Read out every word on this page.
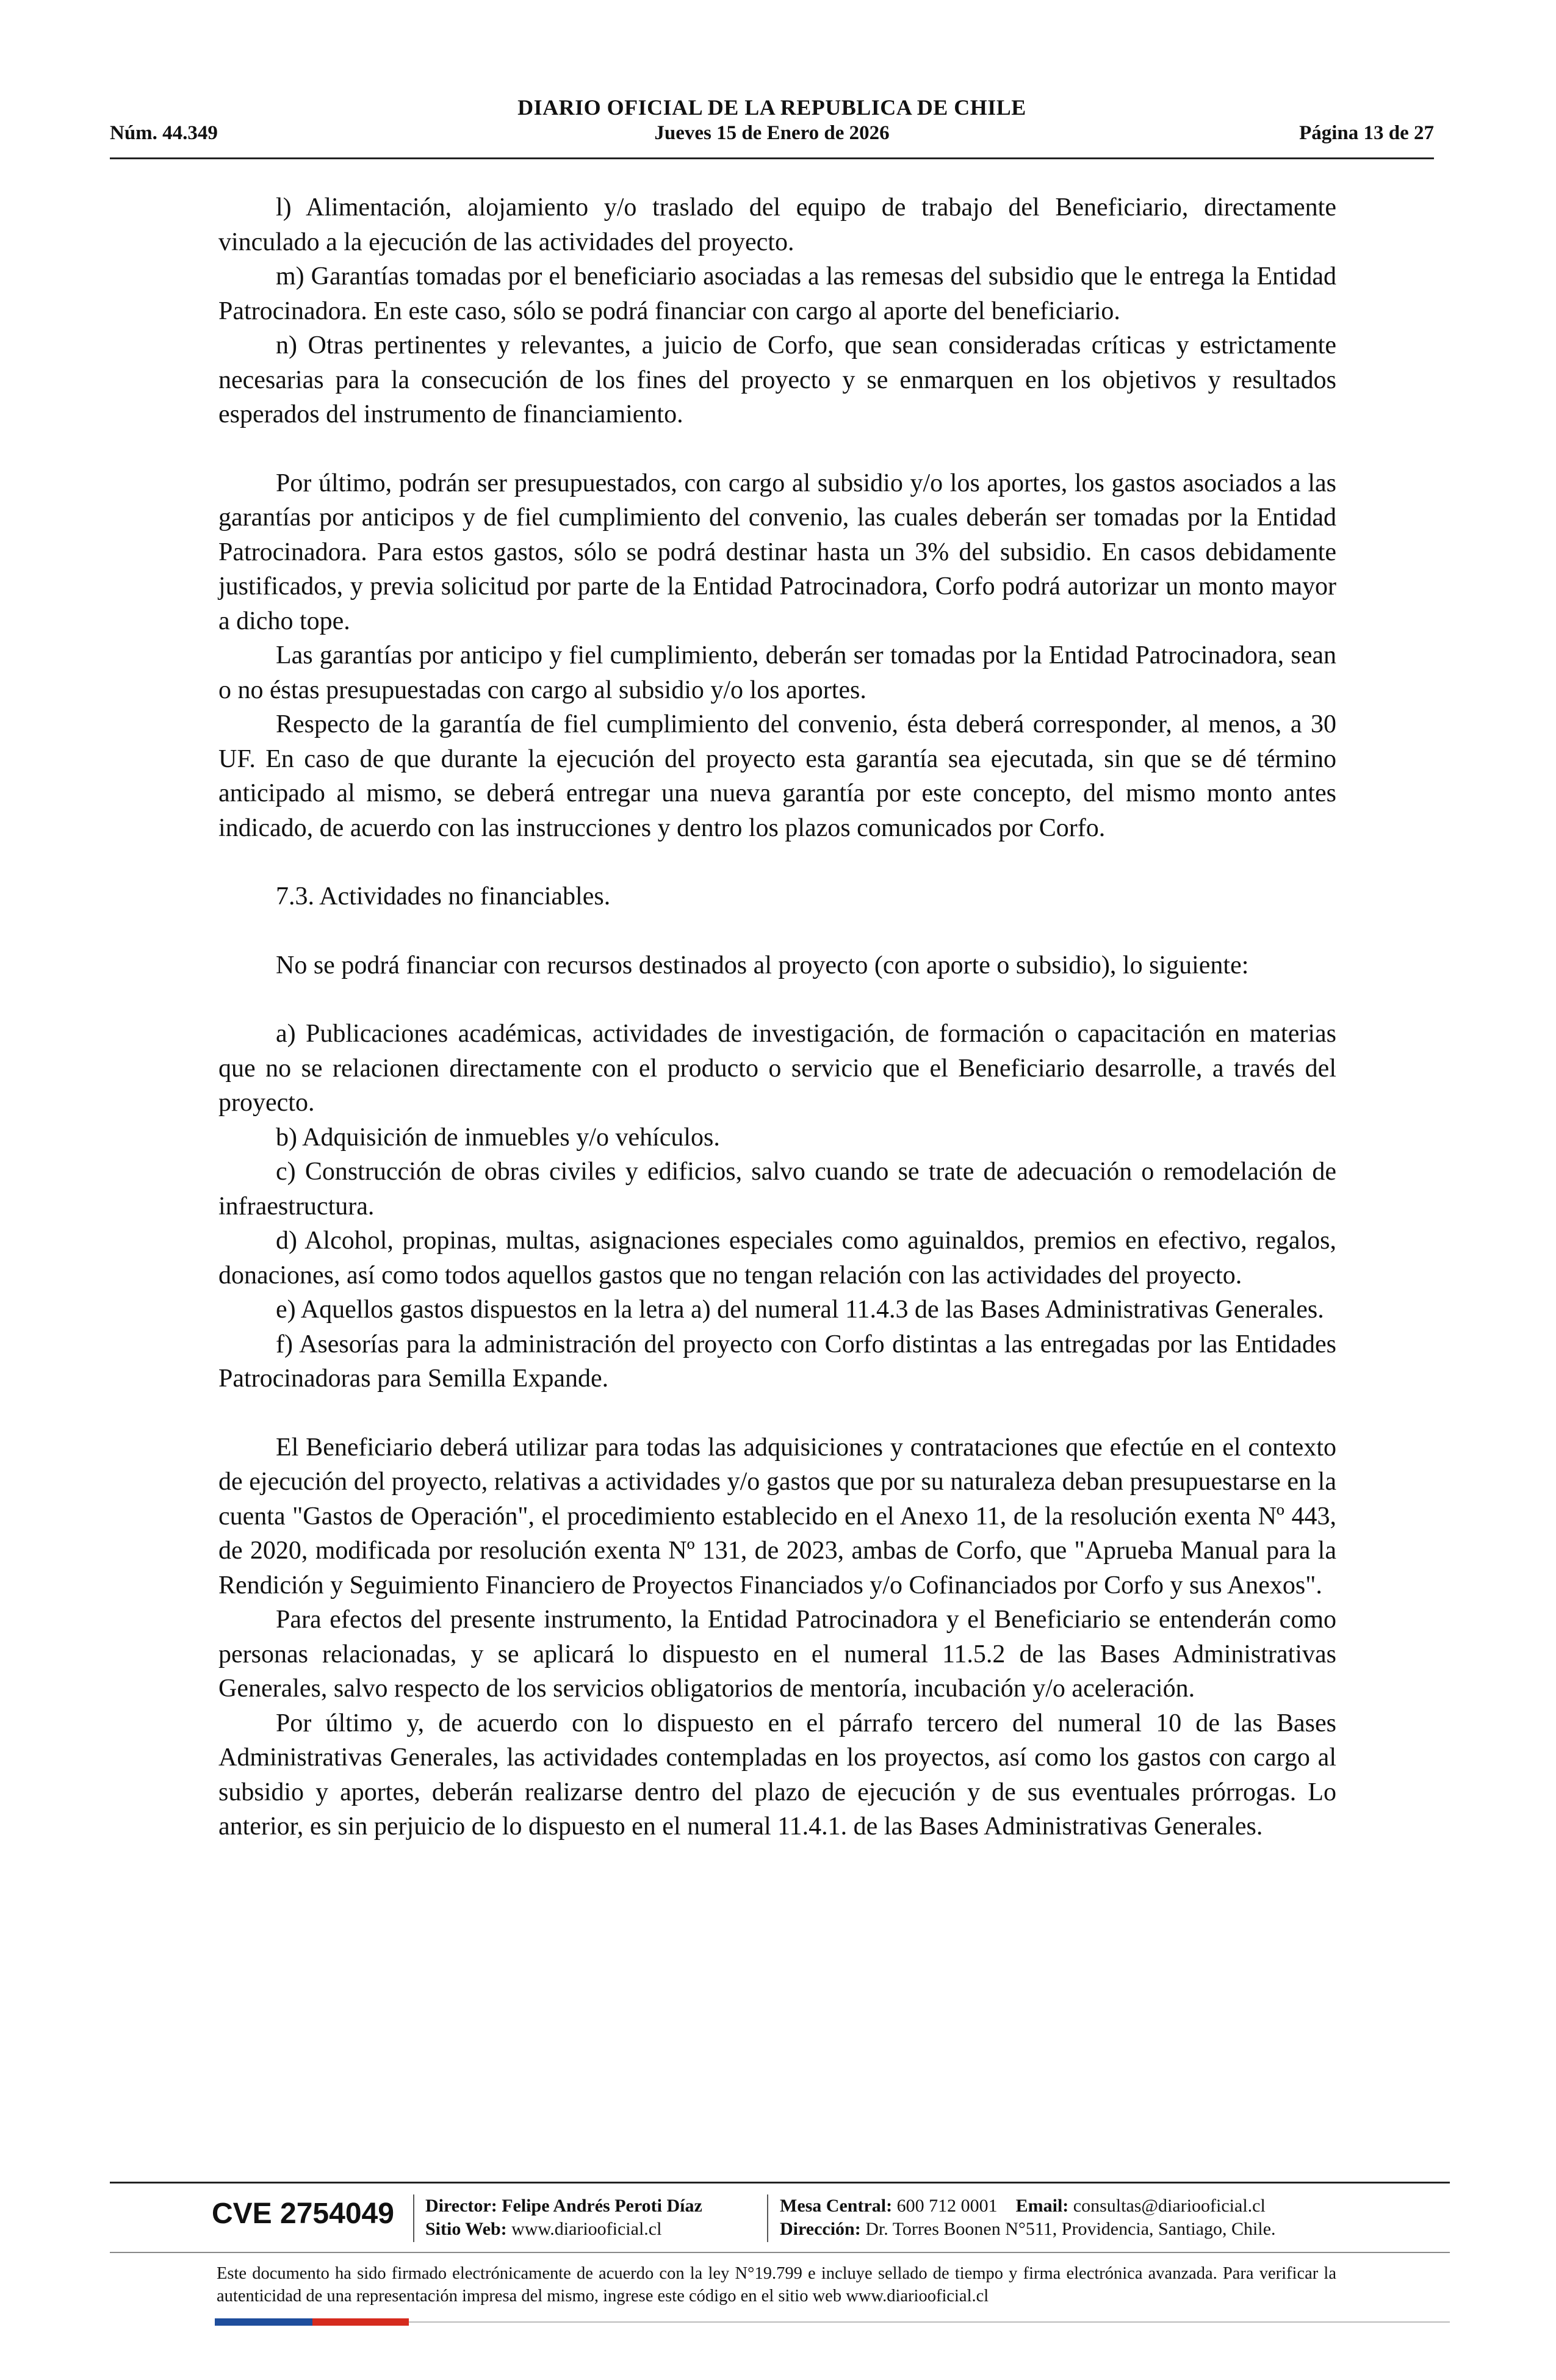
DIARIO OFICIAL DE LA REPUBLICA DE CHILE
Núm. 44.349	Jueves 15 de Enero de 2026	Página 13 de 27

l) Alimentación, alojamiento y/o traslado del equipo de trabajo del Beneficiario, directamente vinculado a la ejecución de las actividades del proyecto.

m) Garantías tomadas por el beneficiario asociadas a las remesas del subsidio que le entrega la Entidad Patrocinadora. En este caso, sólo se podrá financiar con cargo al aporte del beneficiario.

n) Otras pertinentes y relevantes, a juicio de Corfo, que sean consideradas críticas y estrictamente necesarias para la consecución de los fines del proyecto y se enmarquen en los objetivos y resultados esperados del instrumento de financiamiento.

Por último, podrán ser presupuestados, con cargo al subsidio y/o los aportes, los gastos asociados a las garantías por anticipos y de fiel cumplimiento del convenio, las cuales deberán ser tomadas por la Entidad Patrocinadora. Para estos gastos, sólo se podrá destinar hasta un 3% del subsidio. En casos debidamente justificados, y previa solicitud por parte de la Entidad Patrocinadora, Corfo podrá autorizar un monto mayor a dicho tope.

Las garantías por anticipo y fiel cumplimiento, deberán ser tomadas por la Entidad Patrocinadora, sean o no éstas presupuestadas con cargo al subsidio y/o los aportes.

Respecto de la garantía de fiel cumplimiento del convenio, ésta deberá corresponder, al menos, a 30 UF. En caso de que durante la ejecución del proyecto esta garantía sea ejecutada, sin que se dé término anticipado al mismo, se deberá entregar una nueva garantía por este concepto, del mismo monto antes indicado, de acuerdo con las instrucciones y dentro los plazos comunicados por Corfo.

7.3. Actividades no financiables.

No se podrá financiar con recursos destinados al proyecto (con aporte o subsidio), lo siguiente:

a) Publicaciones académicas, actividades de investigación, de formación o capacitación en materias que no se relacionen directamente con el producto o servicio que el Beneficiario desarrolle, a través del proyecto.

b) Adquisición de inmuebles y/o vehículos.

c) Construcción de obras civiles y edificios, salvo cuando se trate de adecuación o remodelación de infraestructura.

d) Alcohol, propinas, multas, asignaciones especiales como aguinaldos, premios en efectivo, regalos, donaciones, así como todos aquellos gastos que no tengan relación con las actividades del proyecto.

e) Aquellos gastos dispuestos en la letra a) del numeral 11.4.3 de las Bases Administrativas Generales.

f) Asesorías para la administración del proyecto con Corfo distintas a las entregadas por las Entidades Patrocinadoras para Semilla Expande.

El Beneficiario deberá utilizar para todas las adquisiciones y contrataciones que efectúe en el contexto de ejecución del proyecto, relativas a actividades y/o gastos que por su naturaleza deban presupuestarse en la cuenta "Gastos de Operación", el procedimiento establecido en el Anexo 11, de la resolución exenta Nº 443, de 2020, modificada por resolución exenta Nº 131, de 2023, ambas de Corfo, que "Aprueba Manual para la Rendición y Seguimiento Financiero de Proyectos Financiados y/o Cofinanciados por Corfo y sus Anexos".

Para efectos del presente instrumento, la Entidad Patrocinadora y el Beneficiario se entenderán como personas relacionadas, y se aplicará lo dispuesto en el numeral 11.5.2 de las Bases Administrativas Generales, salvo respecto de los servicios obligatorios de mentoría, incubación y/o aceleración.

Por último y, de acuerdo con lo dispuesto en el párrafo tercero del numeral 10 de las Bases Administrativas Generales, las actividades contempladas en los proyectos, así como los gastos con cargo al subsidio y aportes, deberán realizarse dentro del plazo de ejecución y de sus eventuales prórrogas. Lo anterior, es sin perjuicio de lo dispuesto en el numeral 11.4.1. de las Bases Administrativas Generales.

CVE 2754049 Director: Felipe Andrés Peroti Díaz
Sitio Web: www.diariooficial.cl
Mesa Central: 600 712 0001 Email: consultas@diariooficial.cl
Dirección: Dr. Torres Boonen N°511, Providencia, Santiago, Chile.
Este documento ha sido firmado electrónicamente de acuerdo con la ley N°19.799 e incluye sellado de tiempo y firma electrónica avanzada. Para verificar la autenticidad de una representación impresa del mismo, ingrese este código en el sitio web www.diariooficial.cl
